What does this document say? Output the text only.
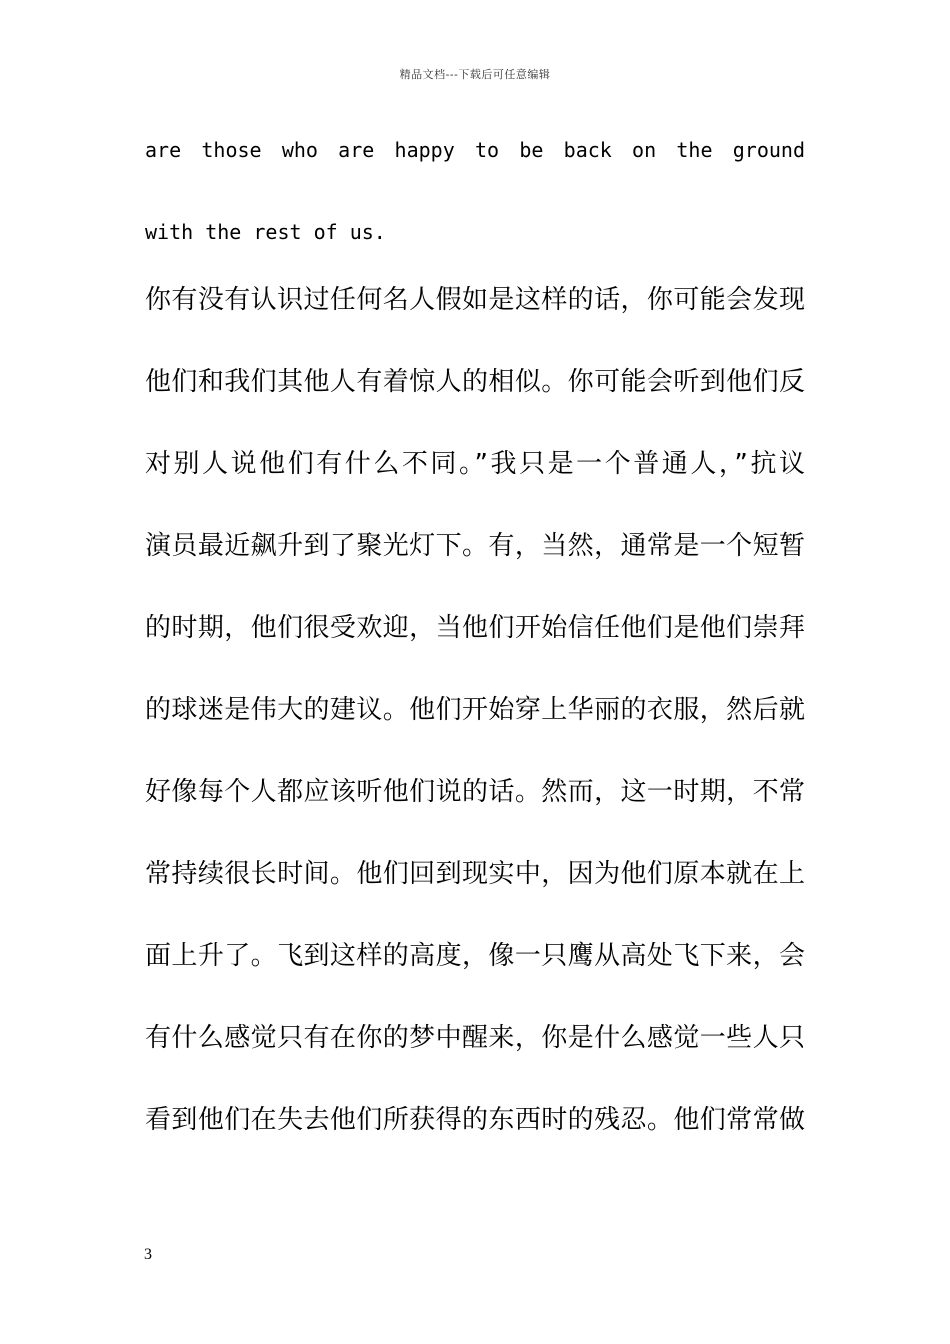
精品文档---下载后可任意编辑
are those who are happy to be back on the ground
with the rest of us.
你有没有认识过任何名人假如是这样的话，你可能会发现
他们和我们其他人有着惊人的相似。你可能会听到他们反
对别人说他们有什么不同。”我只是一个普通人，”抗议
演员最近飙升到了聚光灯下。有，当然，通常是一个短暂
的时期，他们很受欢迎，当他们开始信任他们是他们崇拜
的球迷是伟大的建议。他们开始穿上华丽的衣服，然后就
好像每个人都应该听他们说的话。然而，这一时期，不常
常持续很长时间。他们回到现实中，因为他们原本就在上
面上升了。飞到这样的高度，像一只鹰从高处飞下来，会
有什么感觉只有在你的梦中醒来，你是什么感觉一些人只
看到他们在失去他们所获得的东西时的残忍。他们常常做
3
